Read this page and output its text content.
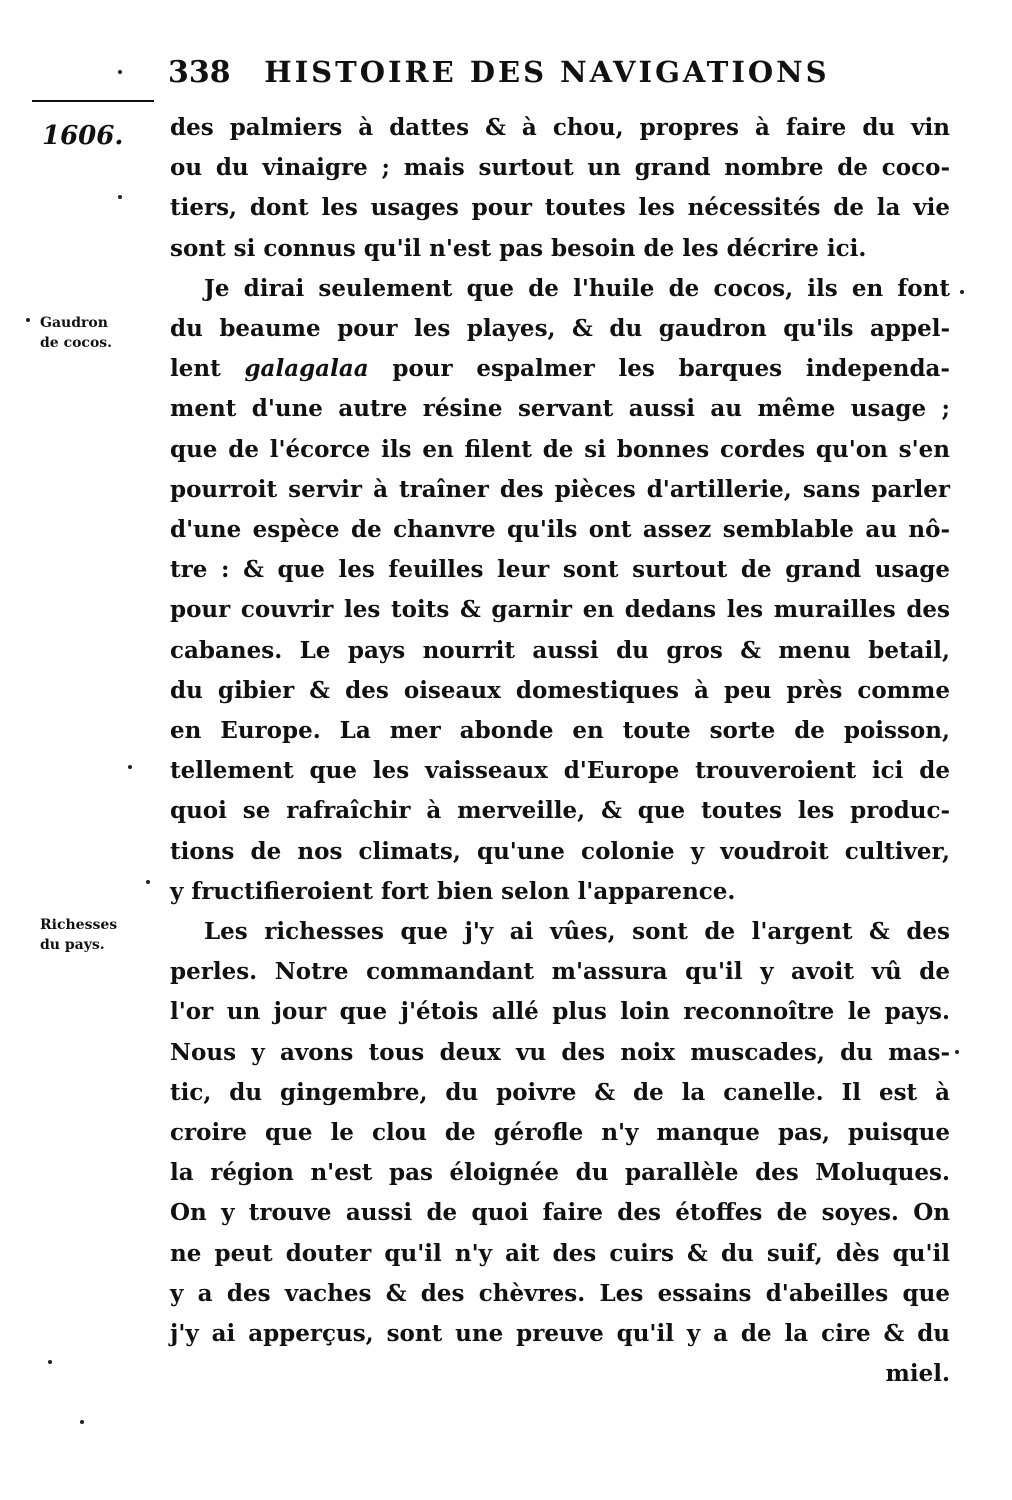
338 HISTOIRE DES NAVIGATIONS
1606.
Gaudron
de cocos.
Richesses
du pays.
des palmiers à dattes & à chou, propres à faire du vin
ou du vinaigre ; mais surtout un grand nombre de coco-
tiers, dont les usages pour toutes les nécessités de la vie
sont si connus qu'il n'est pas besoin de les décrire ici.
Je dirai seulement que de l'huile de cocos, ils en font
du beaume pour les playes, & du gaudron qu'ils appel-
lent galagalaa pour espalmer les barques independa-
ment d'une autre résine servant aussi au même usage ;
que de l'écorce ils en filent de si bonnes cordes qu'on s'en
pourroit servir à traîner des pièces d'artillerie, sans parler
d'une espèce de chanvre qu'ils ont assez semblable au nô-
tre : & que les feuilles leur sont surtout de grand usage
pour couvrir les toits & garnir en dedans les murailles des
cabanes. Le pays nourrit aussi du gros & menu betail,
du gibier & des oiseaux domestiques à peu près comme
en Europe. La mer abonde en toute sorte de poisson,
tellement que les vaisseaux d'Europe trouveroient ici de
quoi se rafraîchir à merveille, & que toutes les produc-
tions de nos climats, qu'une colonie y voudroit cultiver,
y fructifieroient fort bien selon l'apparence.
Les richesses que j'y ai vûes, sont de l'argent & des
perles. Notre commandant m'assura qu'il y avoit vû de
l'or un jour que j'étois allé plus loin reconnoître le pays.
Nous y avons tous deux vu des noix muscades, du mas-
tic, du gingembre, du poivre & de la canelle. Il est à
croire que le clou de gérofle n'y manque pas, puisque
la région n'est pas éloignée du parallèle des Moluques.
On y trouve aussi de quoi faire des étoffes de soyes. On
ne peut douter qu'il n'y ait des cuirs & du suif, dès qu'il
y a des vaches & des chèvres. Les essains d'abeilles que
j'y ai apperçus, sont une preuve qu'il y a de la cire & du
miel.
